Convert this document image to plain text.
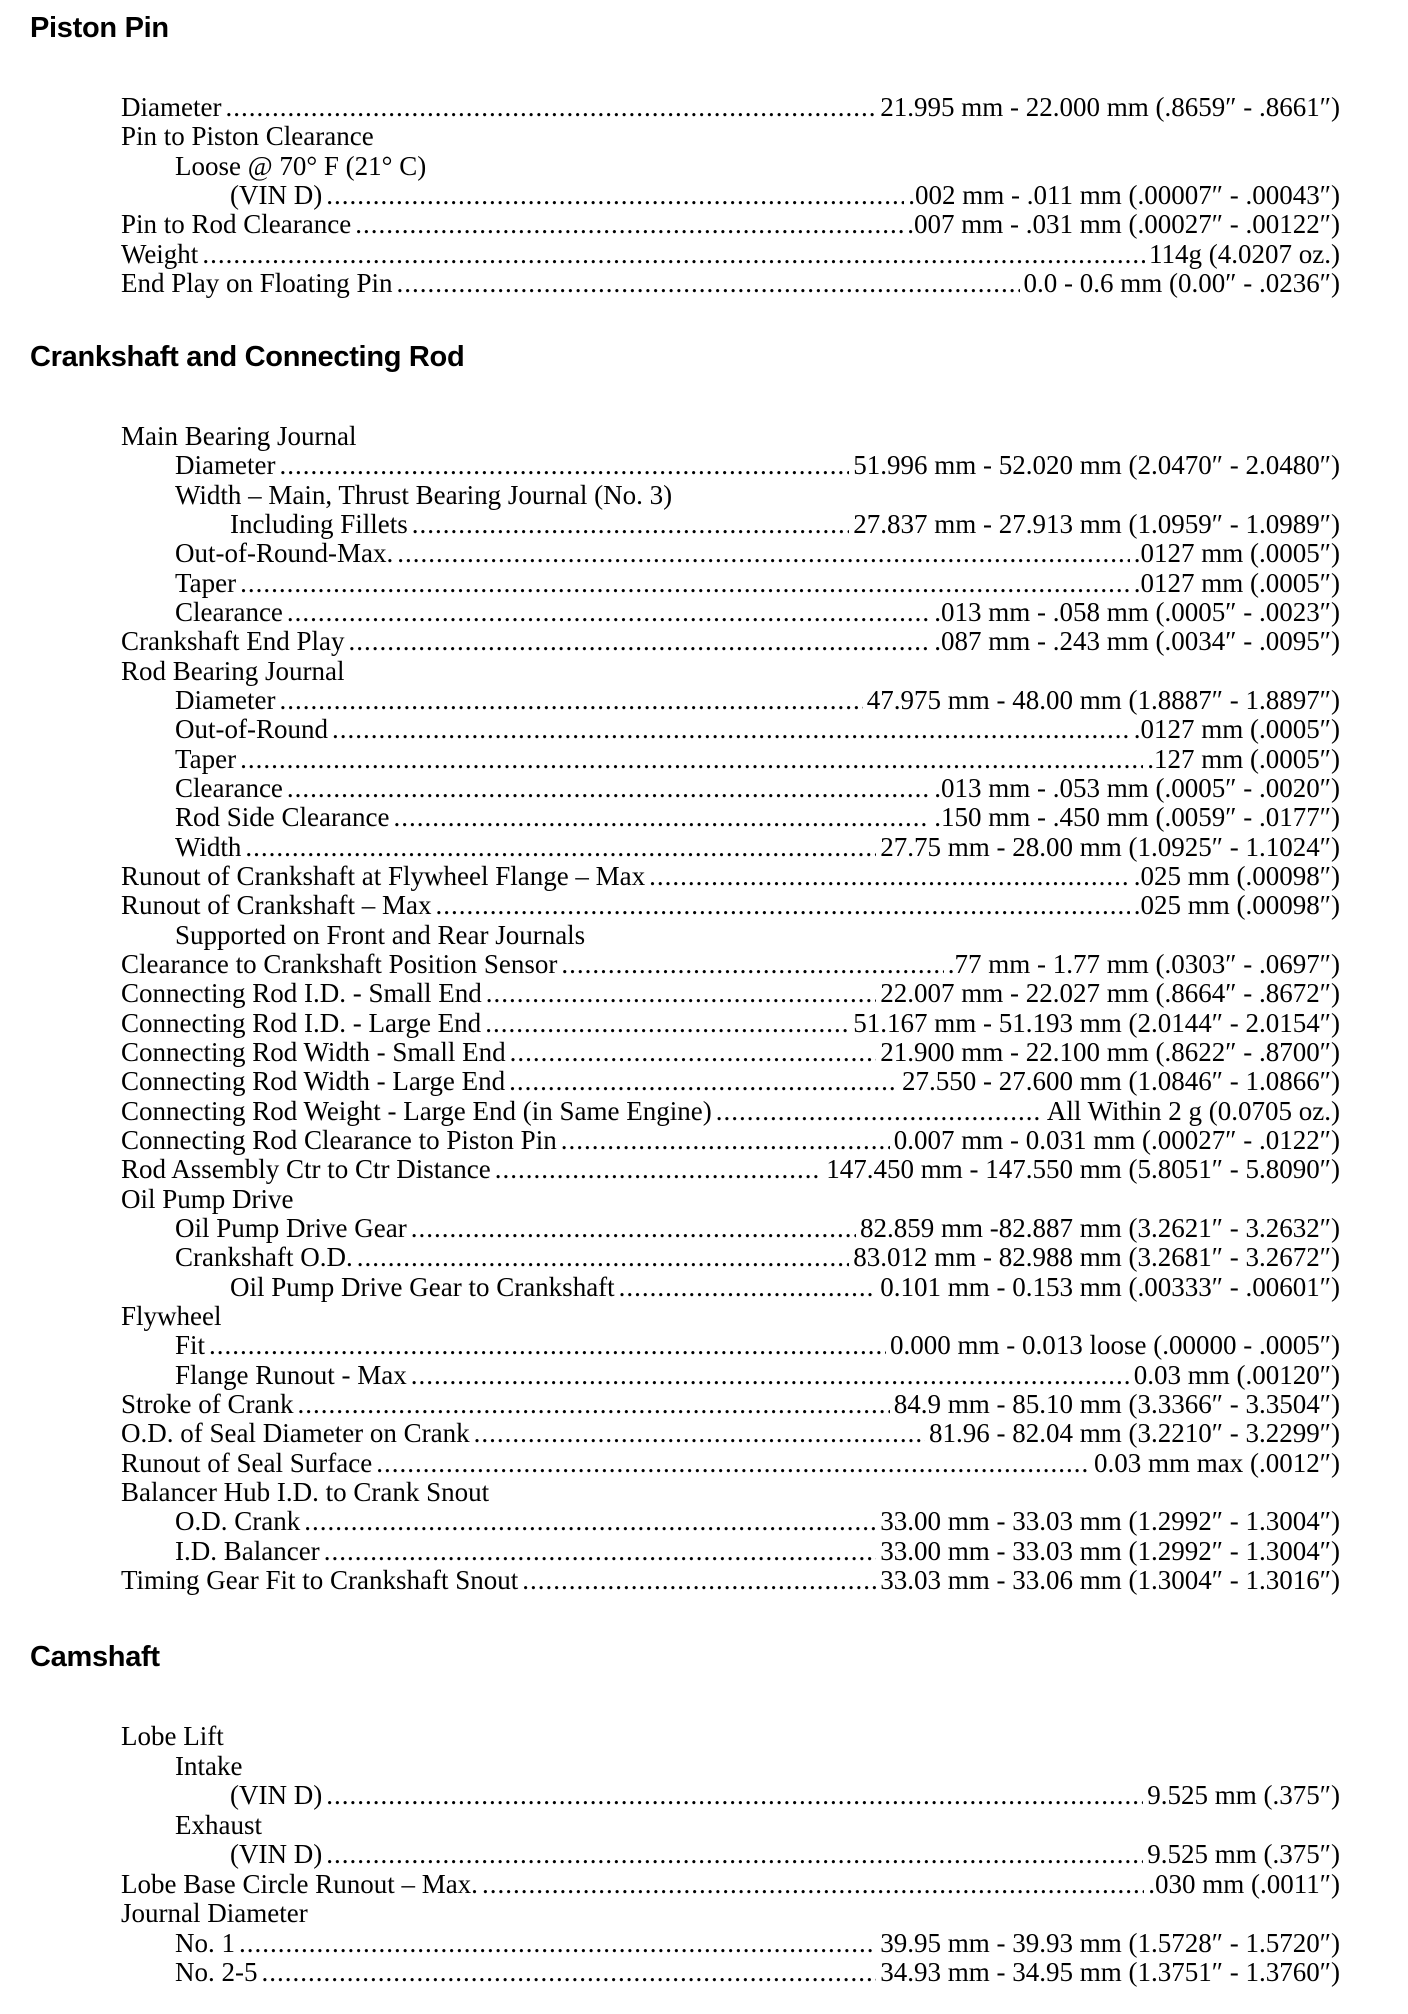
Piston Pin
Diameter .....	21.995 mm - 22.000 mm (.8659″ - .8661″)
Pin to Piston Clearance
Loose @ 70° F (21° C)
(VIN D) .....	.002 mm - .011 mm (.00007″ - .00043″)
Pin to Rod Clearance .....	.007 mm - .031 mm (.00027″ - .00122″)
Weight .....	114g (4.0207 oz.)
End Play on Floating Pin .....	0.0 - 0.6 mm (0.00″ - .0236″)
Crankshaft and Connecting Rod
Main Bearing Journal
Diameter .....	51.996 mm - 52.020 mm (2.0470″ - 2.0480″)
Width – Main, Thrust Bearing Journal (No. 3)
Including Fillets .....	27.837 mm - 27.913 mm (1.0959″ - 1.0989″)
Out-of-Round-Max. .....	.0127 mm (.0005″)
Taper .....	.0127 mm (.0005″)
Clearance .....	.013 mm - .058 mm (.0005″ - .0023″)
Crankshaft End Play .....	.087 mm - .243 mm (.0034″ - .0095″)
Rod Bearing Journal
Diameter .....	47.975 mm - 48.00 mm (1.8887″ - 1.8897″)
Out-of-Round .....	.0127 mm (.0005″)
Taper .....	.127 mm (.0005″)
Clearance .....	.013 mm - .053 mm (.0005″ - .0020″)
Rod Side Clearance .....	.150 mm - .450 mm (.0059″ - .0177″)
Width .....	27.75 mm - 28.00 mm (1.0925″ - 1.1024″)
Runout of Crankshaft at Flywheel Flange – Max .....	.025 mm (.00098″)
Runout of Crankshaft – Max .....	.025 mm (.00098″)
Supported on Front and Rear Journals
Clearance to Crankshaft Position Sensor .....	.77 mm - 1.77 mm (.0303″ - .0697″)
Connecting Rod I.D. - Small End .....	22.007 mm - 22.027 mm (.8664″ - .8672″)
Connecting Rod I.D. - Large End .....	51.167 mm - 51.193 mm (2.0144″ - 2.0154″)
Connecting Rod Width - Small End .....	21.900 mm - 22.100 mm (.8622″ - .8700″)
Connecting Rod Width - Large End .....	27.550 - 27.600 mm (1.0846″ - 1.0866″)
Connecting Rod Weight - Large End (in Same Engine) .....	All Within 2 g (0.0705 oz.)
Connecting Rod Clearance to Piston Pin .....	0.007 mm - 0.031 mm (.00027″ - .0122″)
Rod Assembly Ctr to Ctr Distance .....	147.450 mm - 147.550 mm (5.8051″ - 5.8090″)
Oil Pump Drive
Oil Pump Drive Gear .....	82.859 mm -82.887 mm (3.2621″ - 3.2632″)
Crankshaft O.D. .....	83.012 mm - 82.988 mm (3.2681″ - 3.2672″)
Oil Pump Drive Gear to Crankshaft .....	0.101 mm - 0.153 mm (.00333″ - .00601″)
Flywheel
Fit .....	0.000 mm - 0.013 loose (.00000 - .0005″)
Flange Runout - Max .....	0.03 mm (.00120″)
Stroke of Crank .....	84.9 mm - 85.10 mm (3.3366″ - 3.3504″)
O.D. of Seal Diameter on Crank .....	81.96 - 82.04 mm (3.2210″ - 3.2299″)
Runout of Seal Surface .....	0.03 mm max (.0012″)
Balancer Hub I.D. to Crank Snout
O.D. Crank .....	33.00 mm - 33.03 mm (1.2992″ - 1.3004″)
I.D. Balancer .....	33.00 mm - 33.03 mm (1.2992″ - 1.3004″)
Timing Gear Fit to Crankshaft Snout .....	33.03 mm - 33.06 mm (1.3004″ - 1.3016″)
Camshaft
Lobe Lift
Intake
(VIN D) .....	9.525 mm (.375″)
Exhaust
(VIN D) .....	9.525 mm (.375″)
Lobe Base Circle Runout – Max. .....	.030 mm (.0011″)
Journal Diameter
No. 1 .....	39.95 mm - 39.93 mm (1.5728″ - 1.5720″)
No. 2-5 .....	34.93 mm - 34.95 mm (1.3751″ - 1.3760″)
